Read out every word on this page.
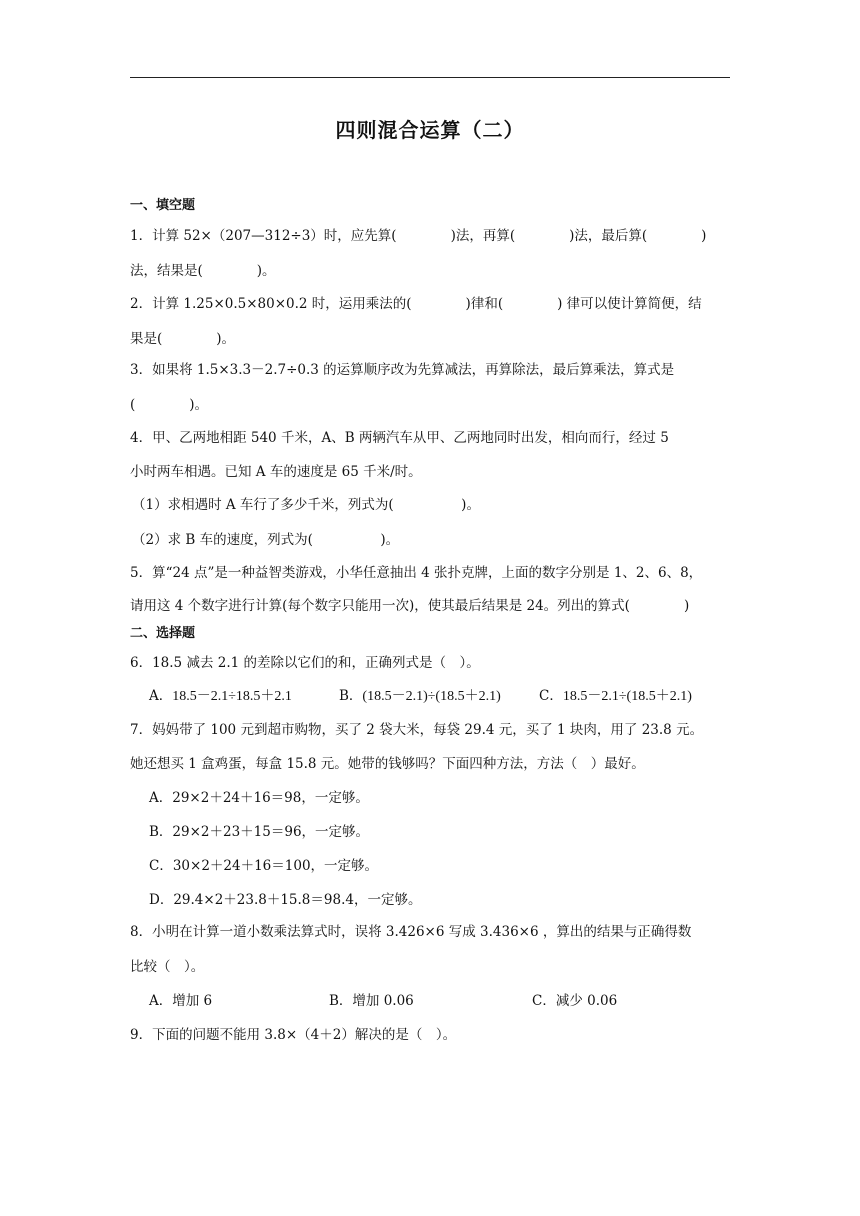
四则混合运算（二）
一、填空题
1．计算 52×（207—312÷3）时，应先算(　　　　)法，再算(　　　　)法，最后算(　　　　)
法，结果是(　　　　)。
2．计算 1.25×0.5×80×0.2 时，运用乘法的(　　　　)律和(　　　　) 律可以使计算简便，结
果是(　　　　)。
3．如果将 1.5×3.3－2.7÷0.3 的运算顺序改为先算减法，再算除法，最后算乘法，算式是
(　　　　)。
4．甲、乙两地相距 540 千米，A、B 两辆汽车从甲、乙两地同时出发，相向而行，经过 5
小时两车相遇。已知 A 车的速度是 65 千米/时。
（1）求相遇时 A 车行了多少千米，列式为(　　　　　)。
（2）求 B 车的速度，列式为(　　　　　)。
5．算“24 点”是一种益智类游戏，小华任意抽出 4 张扑克牌，上面的数字分别是 1、2、6、8，
请用这 4 个数字进行计算(每个数字只能用一次)，使其最后结果是 24。列出的算式(　　　　)
二、选择题
6．18.5 减去 2.1 的差除以它们的和，正确列式是（　）。
A．18.5－2.1÷18.5＋2.1	B．(18.5－2.1)÷(18.5＋2.1)	C．18.5－2.1÷(18.5＋2.1)
7．妈妈带了 100 元到超市购物，买了 2 袋大米，每袋 29.4 元，买了 1 块肉，用了 23.8 元。
她还想买 1 盒鸡蛋，每盒 15.8 元。她带的钱够吗？下面四种方法，方法（　）最好。
A．29×2＋24＋16＝98，一定够。
B．29×2＋23＋15＝96，一定够。
C．30×2＋24＋16＝100，一定够。
D．29.4×2＋23.8＋15.8＝98.4，一定够。
8．小明在计算一道小数乘法算式时，误将 3.426×6 写成 3.436×6 ，算出的结果与正确得数
比较（　）。
A．增加 6	B．增加 0.06	C．减少 0.06
9．下面的问题不能用 3.8×（4＋2）解决的是（　）。
